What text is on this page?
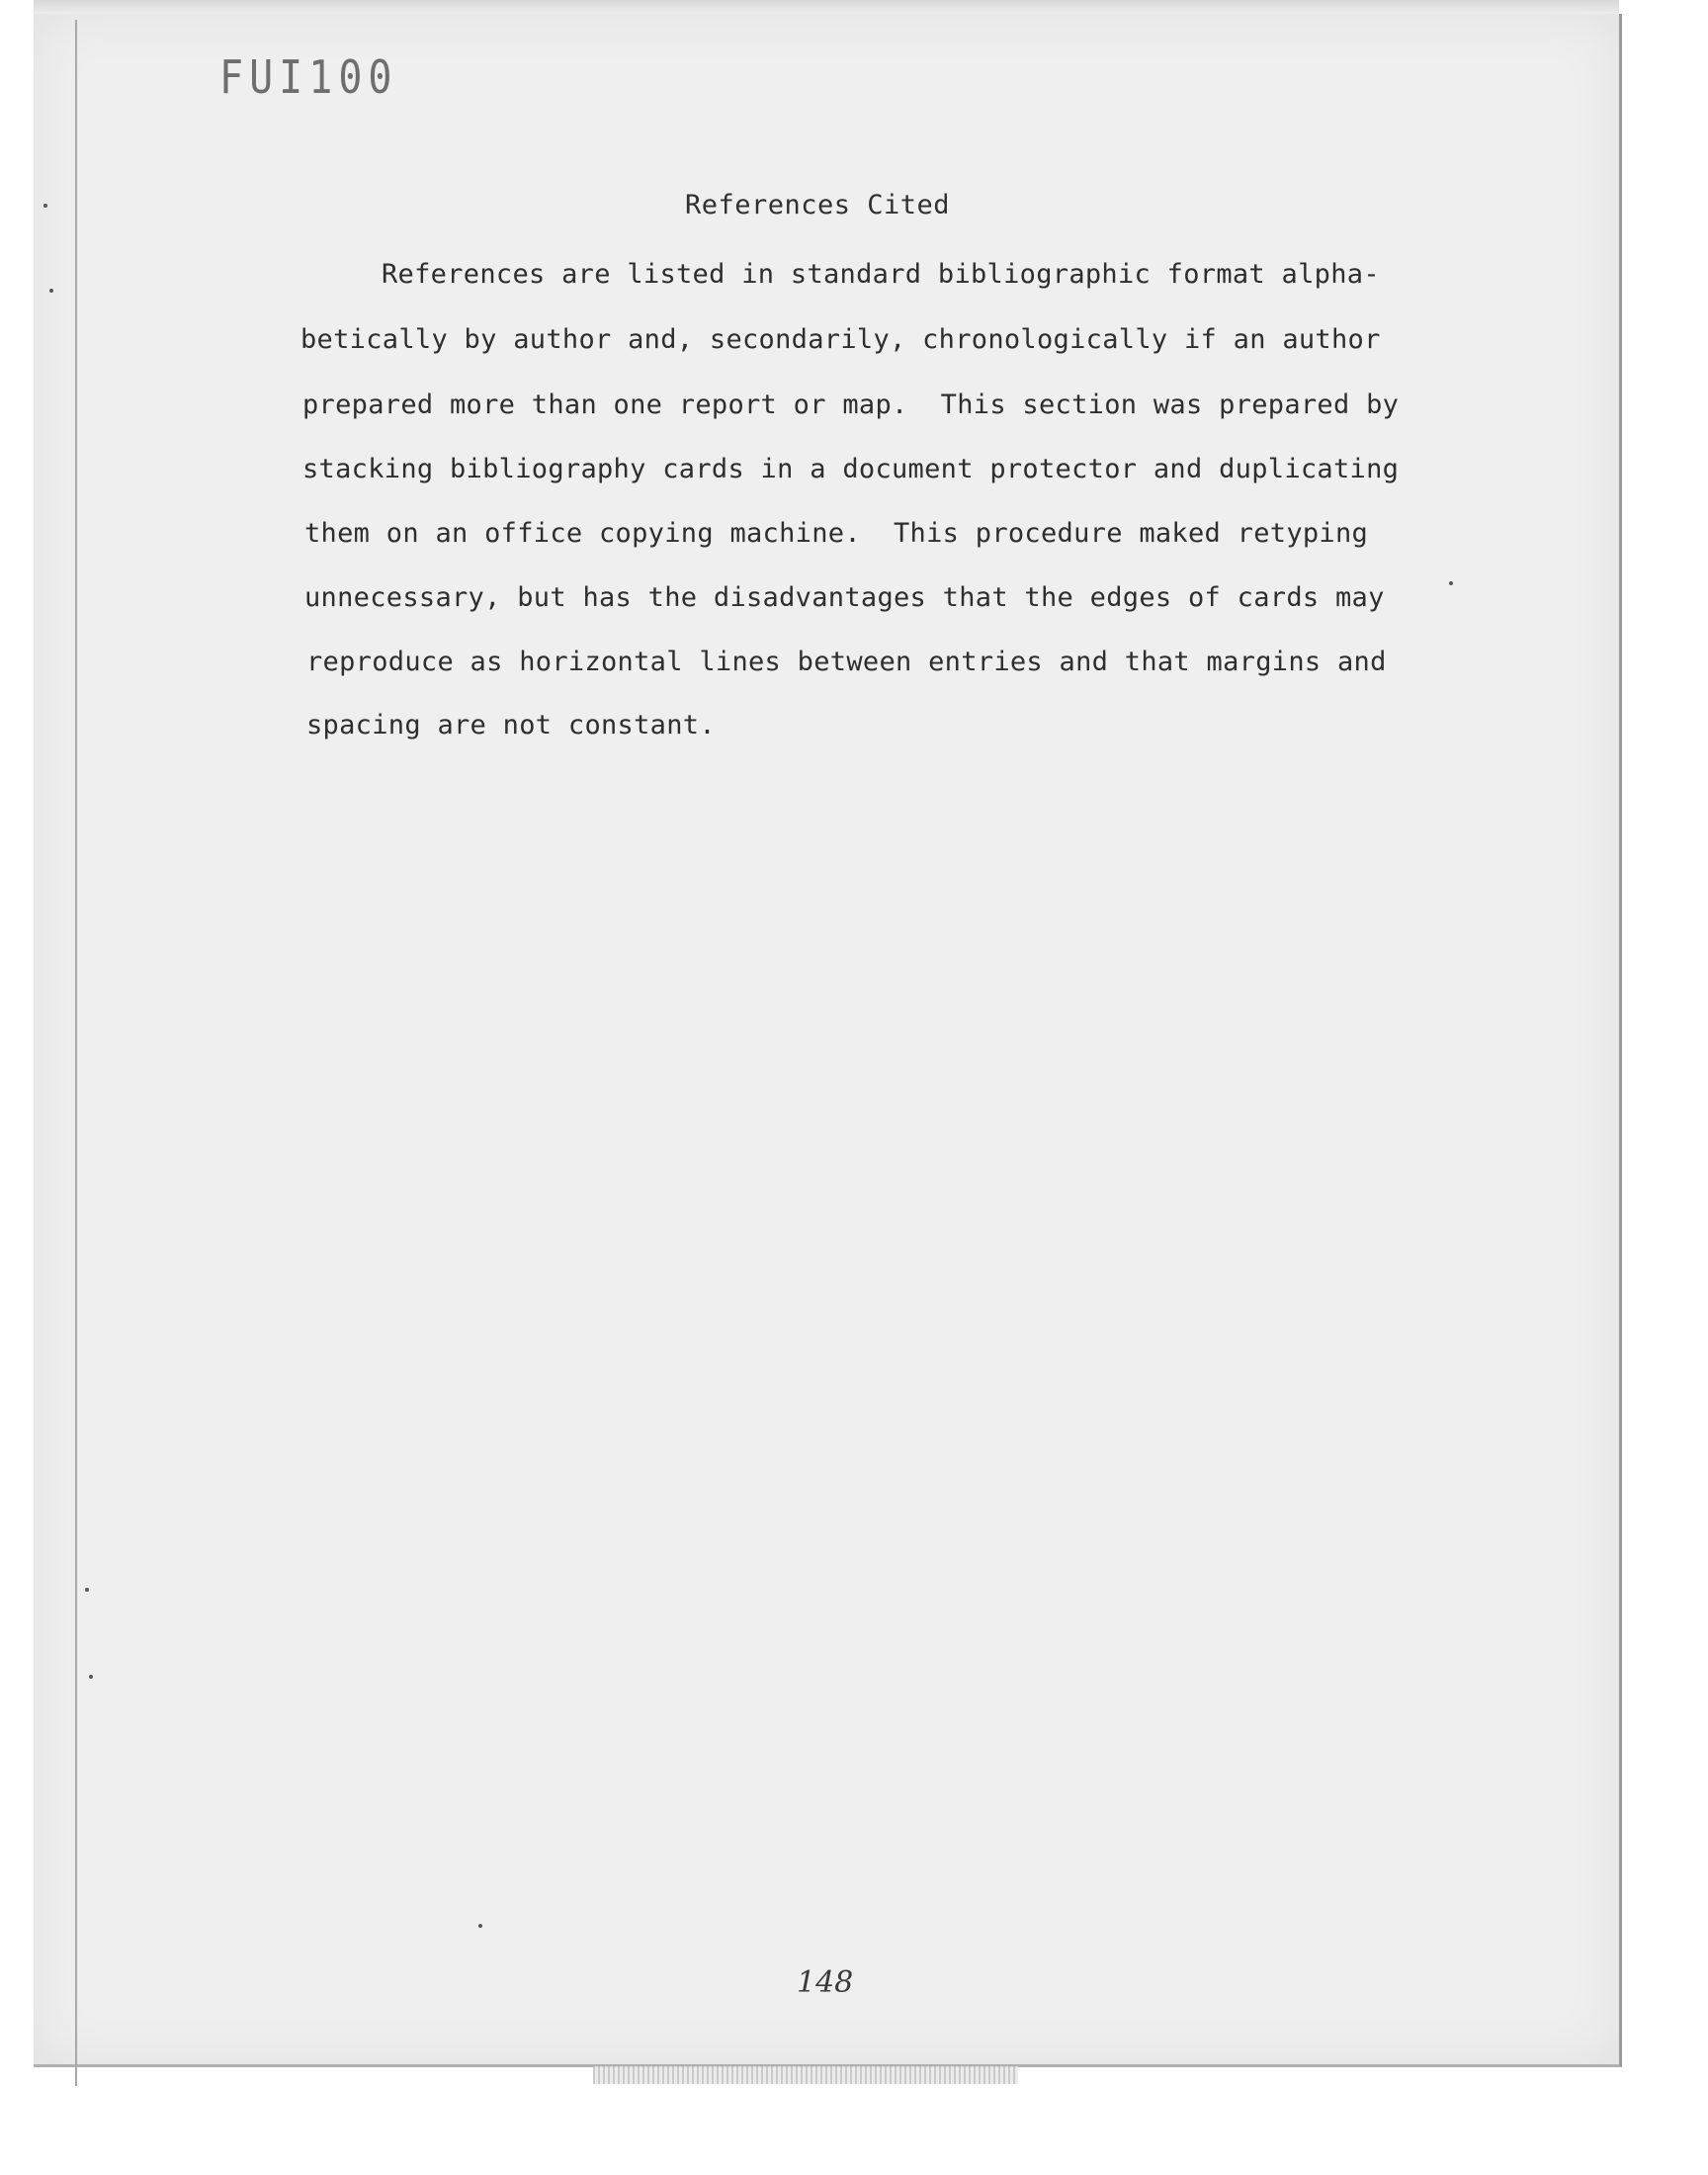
FUI100
References Cited
References are listed in standard bibliographic format alpha-
betically by author and, secondarily, chronologically if an author
prepared more than one report or map.  This section was prepared by
stacking bibliography cards in a document protector and duplicating
them on an office copying machine.  This procedure maked retyping
unnecessary, but has the disadvantages that the edges of cards may
reproduce as horizontal lines between entries and that margins and
spacing are not constant.
148
